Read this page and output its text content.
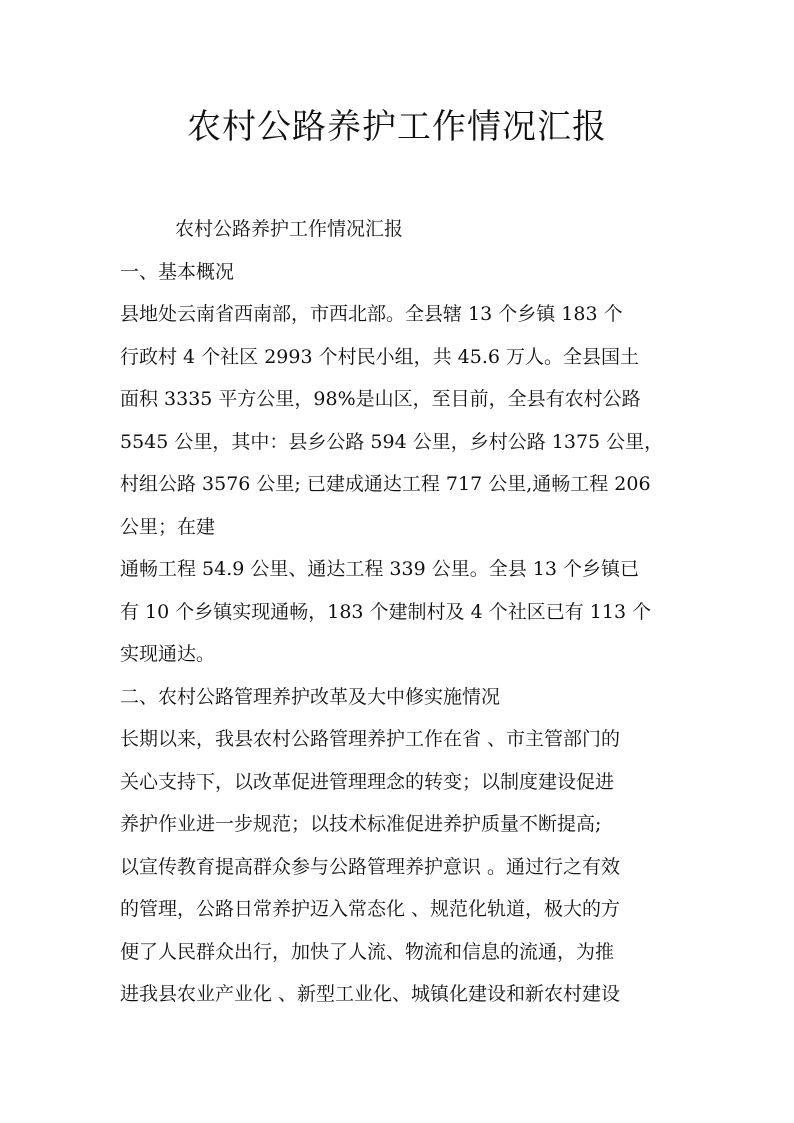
农村公路养护工作情况汇报
农村公路养护工作情况汇报
一、基本概况
县地处云南省西南部，市西北部。全县辖 13 个乡镇 183 个
行政村 4 个社区 2993 个村民小组，共 45.6 万人。全县国土
面积 3335 平方公里，98%是山区，至目前，全县有农村公路
5545 公里，其中：县乡公路 594 公里，乡村公路 1375 公里，
村组公路 3576 公里; 已建成通达工程 717 公里,通畅工程 206
公里；在建
通畅工程 54.9 公里、通达工程 339 公里。全县 13 个乡镇已
有 10 个乡镇实现通畅，183 个建制村及 4 个社区已有 113 个
实现通达。
二、农村公路管理养护改革及大中修实施情况
长期以来，我县农村公路管理养护工作在省 、市主管部门的
关心支持下，以改革促进管理理念的转变；以制度建设促进
养护作业进一步规范；以技术标准促进养护质量不断提高;
以宣传教育提高群众参与公路管理养护意识 。通过行之有效
的管理，公路日常养护迈入常态化 、规范化轨道，极大的方
便了人民群众出行，加快了人流、物流和信息的流通，为推
进我县农业产业化 、新型工业化、城镇化建设和新农村建设
